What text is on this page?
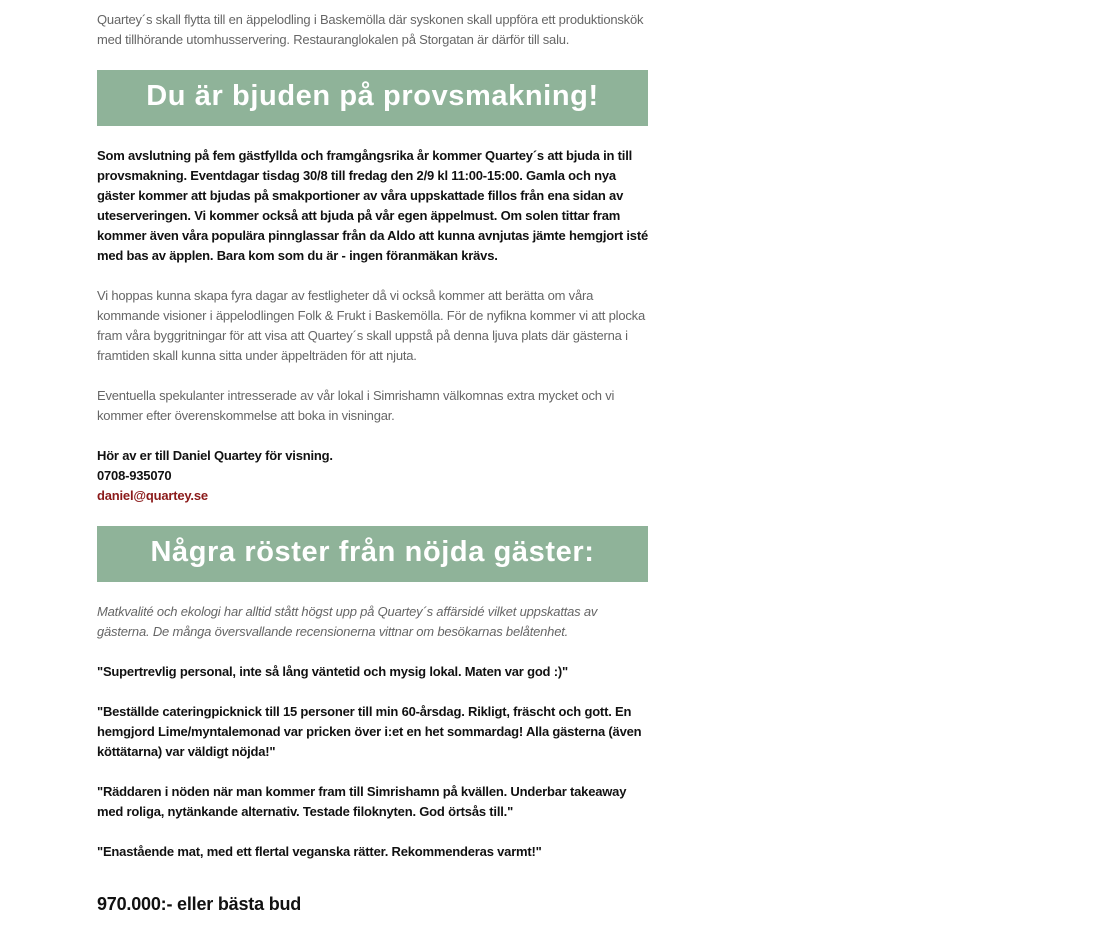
Quartey´s skall flytta till en äppelodling i Baskemölla där syskonen skall uppföra ett produktionskök med tillhörande utomhusservering. Restauranglokalen på Storgatan är därför till salu.

Du är bjuden på provsmakning!

Som avslutning på fem gästfyllda och framgångsrika år kommer Quartey´s att bjuda in till provsmakning. Eventdagar tisdag 30/8 till fredag den 2/9 kl 11:00-15:00. Gamla och nya gäster kommer att bjudas på smakportioner av våra uppskattade fillos från ena sidan av uteserveringen. Vi kommer också att bjuda på vår egen äppelmust. Om solen tittar fram kommer även våra populära pinnglassar från da Aldo att kunna avnjutas jämte hemgjort isté med bas av äpplen. Bara kom som du är - ingen föranmäkan krävs.

Vi hoppas kunna skapa fyra dagar av festligheter då vi också kommer att berätta om våra kommande visioner i äppelodlingen Folk & Frukt i Baskemölla. För de nyfikna kommer vi att plocka fram våra byggritningar för att visa att Quartey´s skall uppstå på denna ljuva plats där gästerna i framtiden skall kunna sitta under äppelträden för att njuta.

Eventuella spekulanter intresserade av vår lokal i Simrishamn välkomnas extra mycket och vi kommer efter överenskommelse att boka in visningar.

Hör av er till Daniel Quartey för visning.

0708-935070

daniel@quartey.se

Några röster från nöjda gäster:

Matkvalité och ekologi har alltid stått högst upp på Quartey´s affärsidé vilket uppskattas av gästerna. De många översvallande recensionerna vittnar om besökarnas belåtenhet.

"Supertrevlig personal, inte så lång väntetid och mysig lokal. Maten var god :)"

"Beställde cateringpicknick till 15 personer till min 60-årsdag. Rikligt, fräscht och gott. En hemgjord Lime/myntalemonad var pricken över i:et en het sommardag! Alla gästerna (även köttätarna) var väldigt nöjda!"

"Räddaren i nöden när man kommer fram till Simrishamn på kvällen. Underbar takeaway med roliga, nytänkande alternativ. Testade filoknyten. God örtsås till."

"Enastående mat, med ett flertal veganska rätter. Rekommenderas varmt!"

970.000:- eller bästa bud
